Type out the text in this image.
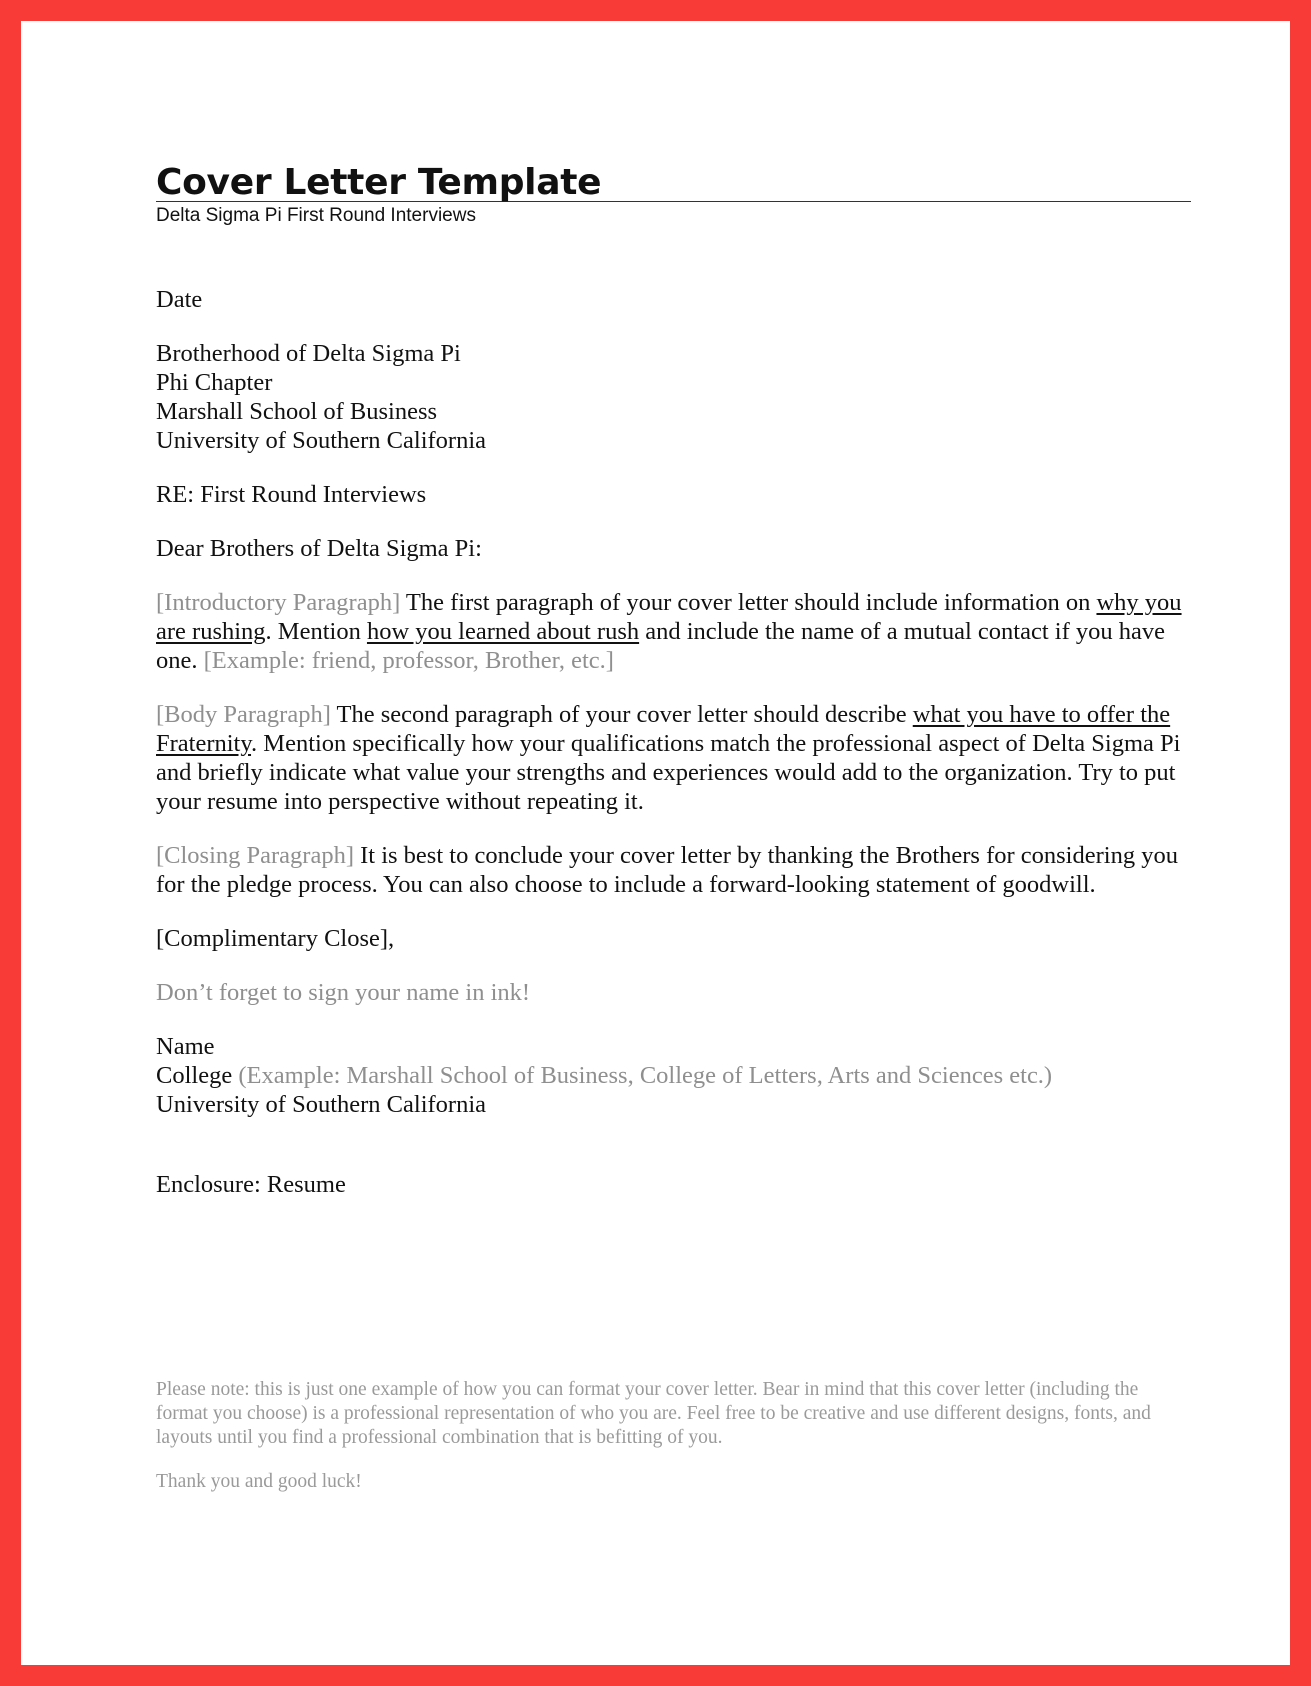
Cover Letter Template
Delta Sigma Pi First Round Interviews

Date

Brotherhood of Delta Sigma Pi
Phi Chapter
Marshall School of Business
University of Southern California

RE: First Round Interviews

Dear Brothers of Delta Sigma Pi:

[Introductory Paragraph] The first paragraph of your cover letter should include information on why you are rushing. Mention how you learned about rush and include the name of a mutual contact if you have one. [Example: friend, professor, Brother, etc.]

[Body Paragraph] The second paragraph of your cover letter should describe what you have to offer the Fraternity. Mention specifically how your qualifications match the professional aspect of Delta Sigma Pi and briefly indicate what value your strengths and experiences would add to the organization. Try to put your resume into perspective without repeating it.

[Closing Paragraph] It is best to conclude your cover letter by thanking the Brothers for considering you for the pledge process. You can also choose to include a forward-looking statement of goodwill.

[Complimentary Close],

Don’t forget to sign your name in ink!

Name
College (Example: Marshall School of Business, College of Letters, Arts and Sciences etc.)
University of Southern California

Enclosure: Resume

Please note: this is just one example of how you can format your cover letter. Bear in mind that this cover letter (including the format you choose) is a professional representation of who you are. Feel free to be creative and use different designs, fonts, and layouts until you find a professional combination that is befitting of you.

Thank you and good luck!
